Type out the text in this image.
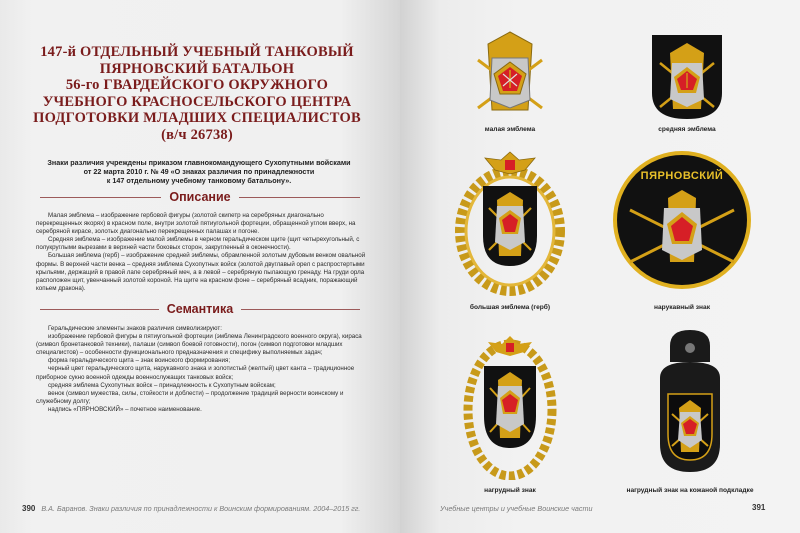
147-й ОТДЕЛЬНЫЙ УЧЕБНЫЙ ТАНКОВЫЙ
ПЯРНОВСКИЙ БАТАЛЬОН
56-го ГВАРДЕЙСКОГО ОКРУЖНОГО
УЧЕБНОГО КРАСНОСЕЛЬСКОГО ЦЕНТРА
ПОДГОТОВКИ МЛАДШИХ СПЕЦИАЛИСТОВ
(в/ч 26738)
Знаки различия учреждены приказом главнокомандующего Сухопутными войсками
от 22 марта 2010 г. № 49 «О знаках различия по принадлежности
к 147 отдельному учебному танковому батальону».
Описание

Малая эмблема – изображение гербовой фигуры (золотой скипетр на серебряных диагонально перекрещенных якорях) в красном поле, внутри золотой пятиугольной фортеции, обращенной углом вверх, на серебряной кирасе, золотых диагонально перекрещенных палашах и погоне.

Средняя эмблема – изображение малой эмблемы в черном геральдическом щите (щит четырехугольный, с полукруглыми вырезами в верхней части боковых сторон, закругленный в оконечности).

Большая эмблема (герб) – изображение средней эмблемы, обрамленной золотым дубовым венком овальной формы. В верхней части венка – средняя эмблема Сухопутных войск (золотой двуглавый орел с распростертыми крыльями, держащий в правой лапе серебряный меч, а в левой – серебряную пылающую гренаду. На груди орла расположен щит, увенчанный золотой короной. На щите на красном фоне – серебряный всадник, поражающий копьем дракона).

Семантика

Геральдические элементы знаков различия символизируют:

изображение гербовой фигуры в пятиугольной фортеции (эмблема Ленинградского военного округа), кираса (символ бронетанковой техники), палаши (символ боевой готовности), погон (символ подготовки младших специалистов) – особенности функционального предназначения и специфику выполняемых задач;

форма геральдического щита – знак воинского формирования;

черный цвет геральдического щита, нарукавного знака и золотистый (желтый) цвет канта – традиционное приборное сукно военной одежды военнослужащих танковых войск;

средняя эмблема Сухопутных войск – принадлежность к Сухопутным войскам;

венок (символ мужества, силы, стойкости и доблести) – продолжение традиций верности воинскому и служебному долгу;

надпись «ПЯРНОВСКИЙ» – почетное наименование.

390 В.А. Баранов. Знаки различия по принадлежности к Воинским формированиям. 2004–2015 гг.
малая эмблема	средняя эмблема
большая эмблема (герб)
ПЯРНОВСКИЙ
нарукавный знак
нагрудный знак	нагрудный знак на кожаной подкладке
Учебные центры и учебные Воинские части	391
